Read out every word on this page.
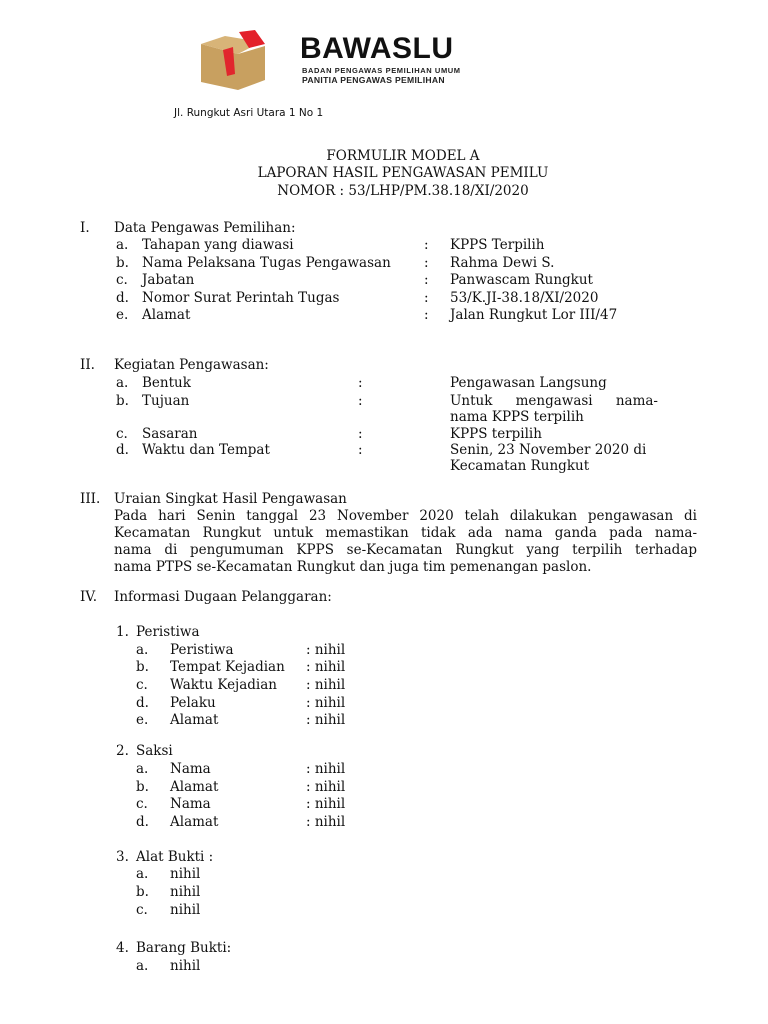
BAWASLU
BADAN PENGAWAS PEMILIHAN UMUM
PANITIA PENGAWAS PEMILIHAN
Jl. Rungkut Asri Utara 1 No 1
FORMULIR MODEL A
LAPORAN HASIL PENGAWASAN PEMILU
NOMOR : 53/LHP/PM.38.18/XI/2020
I. Data Pengawas Pemilihan:
a. Tahapan yang diawasi	: KPPS Terpilih
b. Nama Pelaksana Tugas Pengawasan : Rahma Dewi S.
c. Jabatan	: Panwascam Rungkut
d. Nomor Surat Perintah Tugas	: 53/K.JI-38.18/XI/2020
e. Alamat	: Jalan Rungkut Lor III/47
II. Kegiatan Pengawasan:
a. Bentuk	:	Pengawasan Langsung
b. Tujuan	:	Untuk mengawasi nama-
nama KPPS terpilih
c. Sasaran	:	KPPS terpilih
d. Waktu dan Tempat	:	Senin, 23 November 2020 di
Kecamatan Rungkut
III. Uraian Singkat Hasil Pengawasan

Pada hari Senin tanggal 23 November 2020 telah dilakukan pengawasan di

Kecamatan Rungkut untuk memastikan tidak ada nama ganda pada nama-

nama di pengumuman KPPS se-Kecamatan Rungkut yang terpilih terhadap

nama PTPS se-Kecamatan Rungkut dan juga tim pemenangan paslon.

IV. Informasi Dugaan Pelanggaran:
1. Peristiwa
a. Peristiwa	: nihil
b. Tempat Kejadian : nihil
c. Waktu Kejadian : nihil
d. Pelaku	: nihil
e. Alamat	: nihil
2. Saksi
a. Nama	: nihil
b. Alamat	: nihil
c. Nama	: nihil
d. Alamat	: nihil
3. Alat Bukti :
a. nihil
b. nihil
c. nihil
4. Barang Bukti:
a. nihil
